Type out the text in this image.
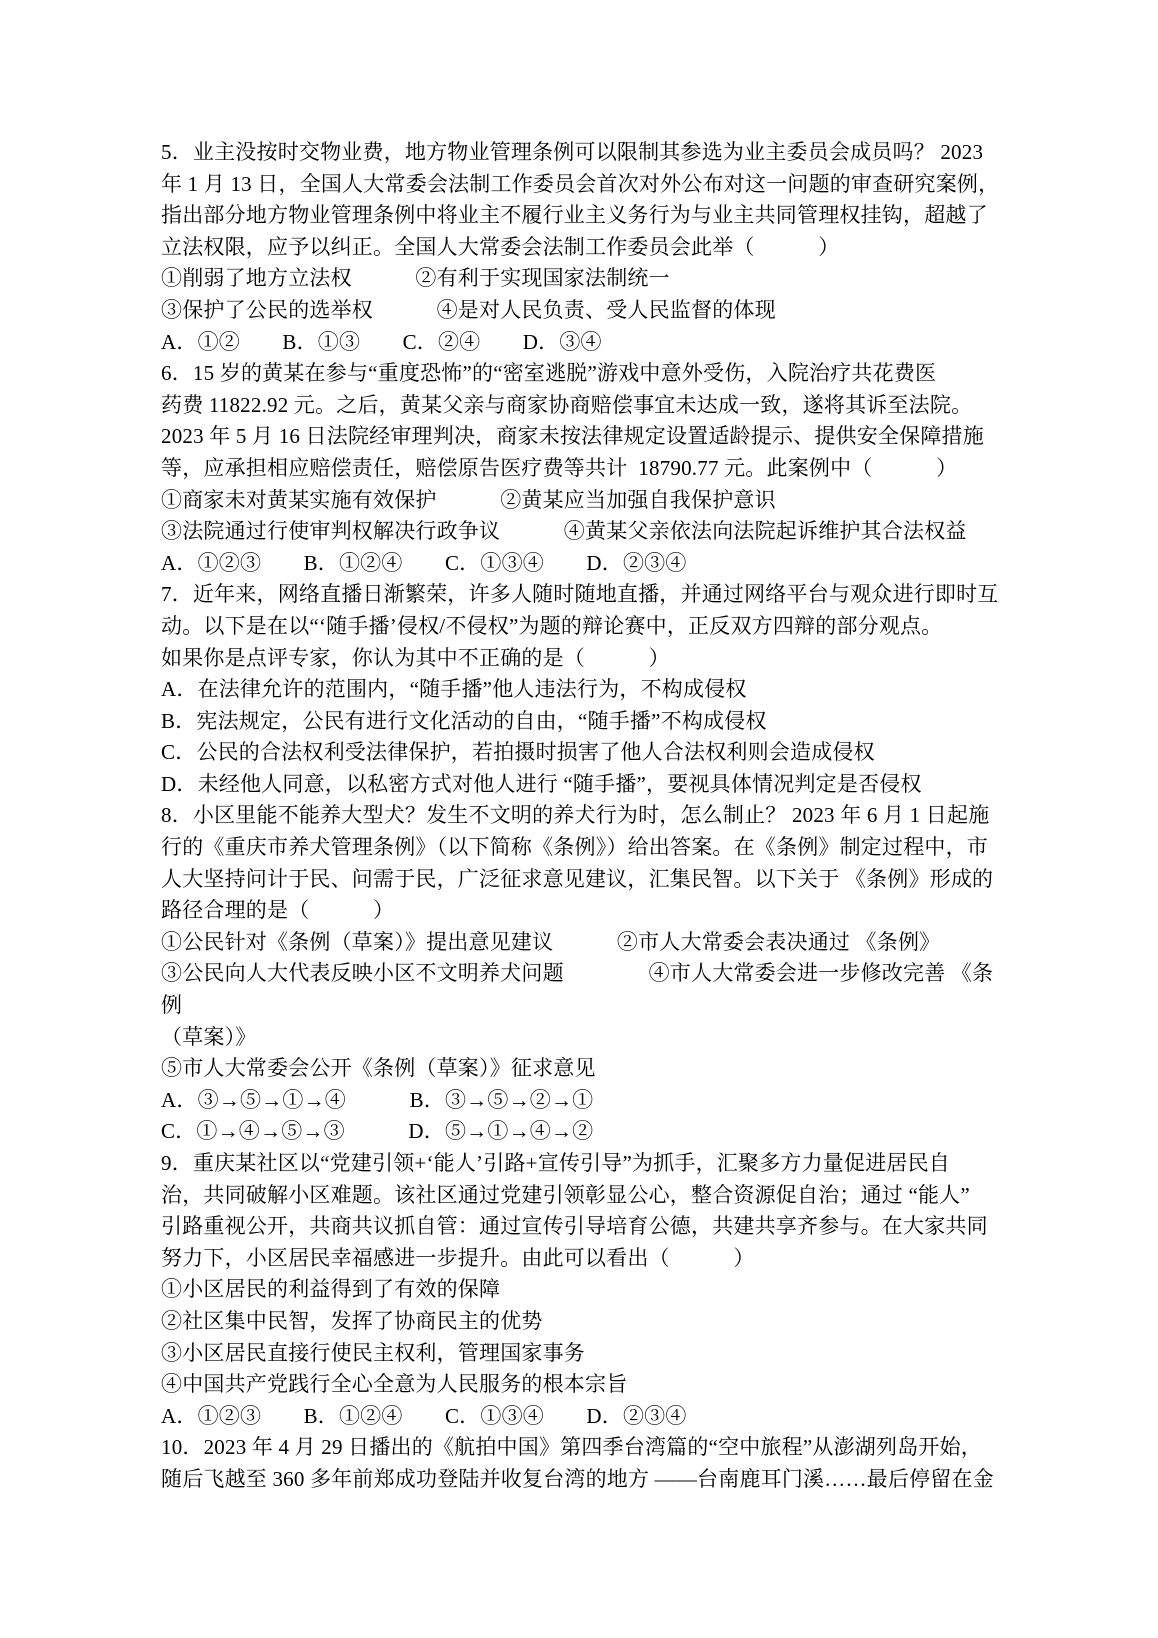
5．业主没按时交物业费，地方物业管理条例可以限制其参选为业主委员会成员吗？ 2023
年 1 月 13 日，全国人大常委会法制工作委员会首次对外公布对这一问题的审查研究案例，
指出部分地方物业管理条例中将业主不履行业主义务行为与业主共同管理权挂钩，超越了
立法权限，应予以纠正。全国人大常委会法制工作委员会此举（　　　）
①削弱了地方立法权　　　②有利于实现国家法制统一
③保护了公民的选举权　　　④是对人民负责、受人民监督的体现
A．①②　　B．①③　　C．②④　　D．③④
6．15 岁的黄某在参与“重度恐怖”的“密室逃脱”游戏中意外受伤，入院治疗共花费医
药费 11822.92 元。之后，黄某父亲与商家协商赔偿事宜未达成一致，遂将其诉至法院。
2023 年 5 月 16 日法院经审理判决，商家未按法律规定设置适龄提示、提供安全保障措施
等，应承担相应赔偿责任，赔偿原告医疗费等共计  18790.77 元。此案例中（　　　）
①商家未对黄某实施有效保护　　　②黄某应当加强自我保护意识
③法院通过行使审判权解决行政争议　　　④黄某父亲依法向法院起诉维护其合法权益
A．①②③　　B．①②④　　C．①③④　　D．②③④
7．近年来，网络直播日渐繁荣，许多人随时随地直播，并通过网络平台与观众进行即时互
动。以下是在以“‘随手播’侵权/不侵权”为题的辩论赛中，正反双方四辩的部分观点。
如果你是点评专家，你认为其中不正确的是（　　　）
A．在法律允许的范围内，“随手播”他人违法行为，不构成侵权
B．宪法规定，公民有进行文化活动的自由，“随手播”不构成侵权
C．公民的合法权利受法律保护，若拍摄时损害了他人合法权利则会造成侵权
D．未经他人同意，以私密方式对他人进行 “随手播”，要视具体情况判定是否侵权
8．小区里能不能养大型犬？发生不文明的养犬行为时，怎么制止？ 2023 年 6 月 1 日起施
行的《重庆市养犬管理条例》（以下简称《条例》）给出答案。在《条例》制定过程中，市
人大坚持问计于民、问需于民，广泛征求意见建议，汇集民智。以下关于 《条例》形成的
路径合理的是（　　　）
①公民针对《条例（草案）》提出意见建议　　　②市人大常委会表决通过 《条例》
③公民向人大代表反映小区不文明养犬问题　　　　④市人大常委会进一步修改完善 《条例
（草案）》
⑤市人大常委会公开《条例（草案）》征求意见
A．③→⑤→①→④　　　B．③→⑤→②→①
C．①→④→⑤→③　　　D．⑤→①→④→②
9．重庆某社区以“党建引领+‘能人’引路+宣传引导”为抓手，汇聚多方力量促进居民自
治，共同破解小区难题。该社区通过党建引领彰显公心，整合资源促自治；通过 “能人”
引路重视公开，共商共议抓自管：通过宣传引导培育公德，共建共享齐参与。在大家共同
努力下，小区居民幸福感进一步提升。由此可以看出（　　　）
①小区居民的利益得到了有效的保障
②社区集中民智，发挥了协商民主的优势
③小区居民直接行使民主权利，管理国家事务
④中国共产党践行全心全意为人民服务的根本宗旨
A．①②③　　B．①②④　　C．①③④　　D．②③④
10．2023 年 4 月 29 日播出的《航拍中国》第四季台湾篇的“空中旅程”从澎湖列岛开始，
随后飞越至 360 多年前郑成功登陆并收复台湾的地方 ——台南鹿耳门溪……最后停留在金
